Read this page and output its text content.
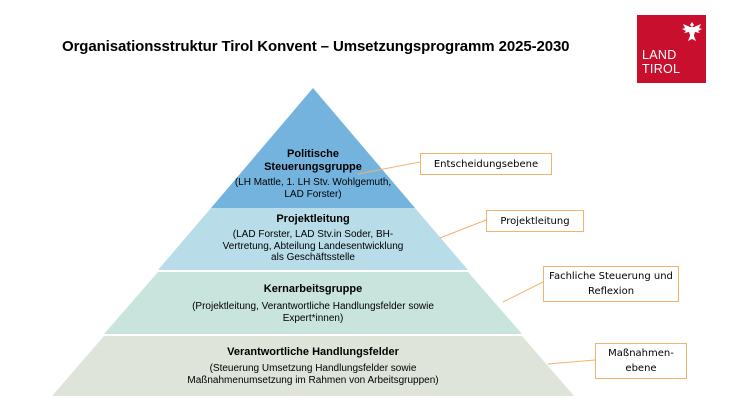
Organisationsstruktur Tirol Konvent – Umsetzungsprogramm 2025-2030	LAND
TIROL
Politische
Steuerungsgruppe
(LH Mattle, 1. LH Stv. Wohlgemuth,
LAD Forster)
Projektleitung
(LAD Forster, LAD Stv.in Soder, BH-
Vertretung, Abteilung Landesentwicklung
als Geschäftsstelle
Kernarbeitsgruppe
(Projektleitung, Verantwortliche Handlungsfelder sowie
Expert*innen)
Verantwortliche Handlungsfelder
(Steuerung Umsetzung Handlungsfelder sowie
Maßnahmenumsetzung im Rahmen von Arbeitsgruppen)
Entscheidungsebene
Projektleitung
Fachliche Steuerung und
Reflexion
Maßnahmen-
ebene
